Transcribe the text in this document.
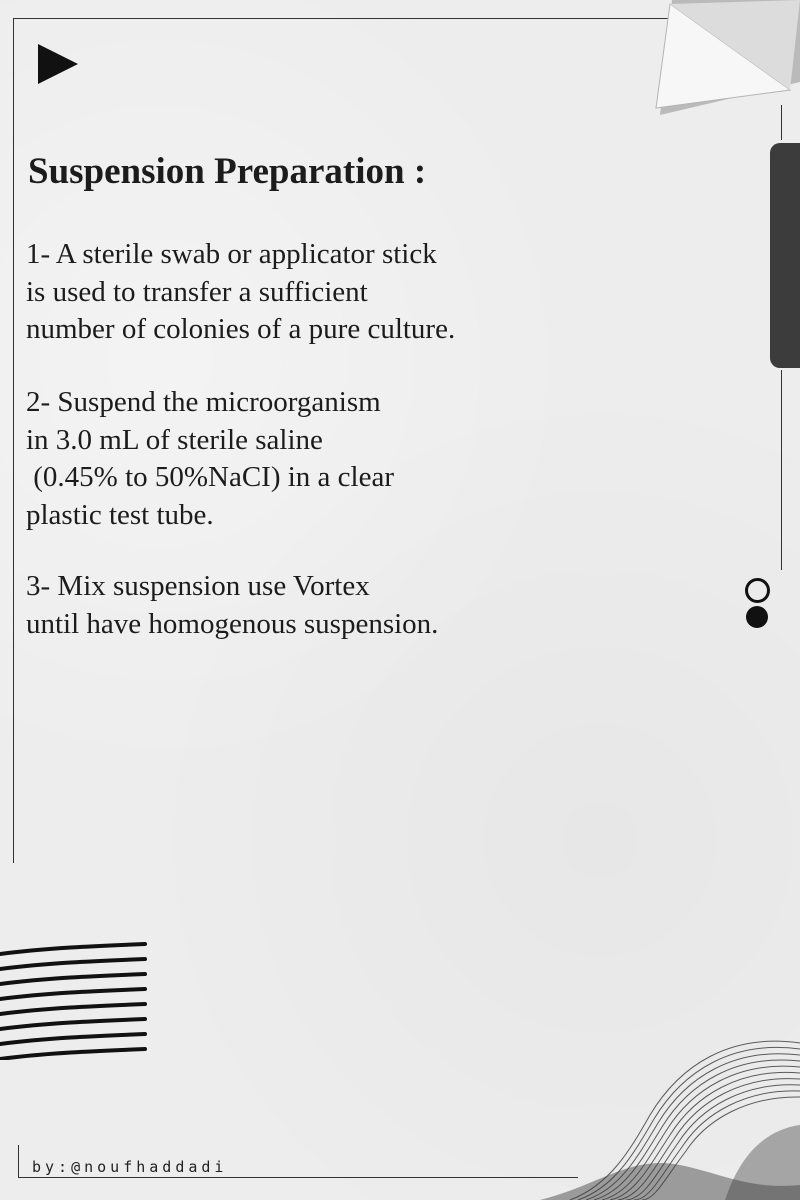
Suspension Preparation :
1- A sterile swab or applicator stick
is used to transfer a sufficient
number of colonies of a pure culture.
2- Suspend the microorganism
in 3.0 mL of sterile saline
(0.45% to 50%NaCI) in a clear
plastic test tube.
3- Mix suspension use Vortex
until have homogenous suspension.
by:@noufhaddadi
